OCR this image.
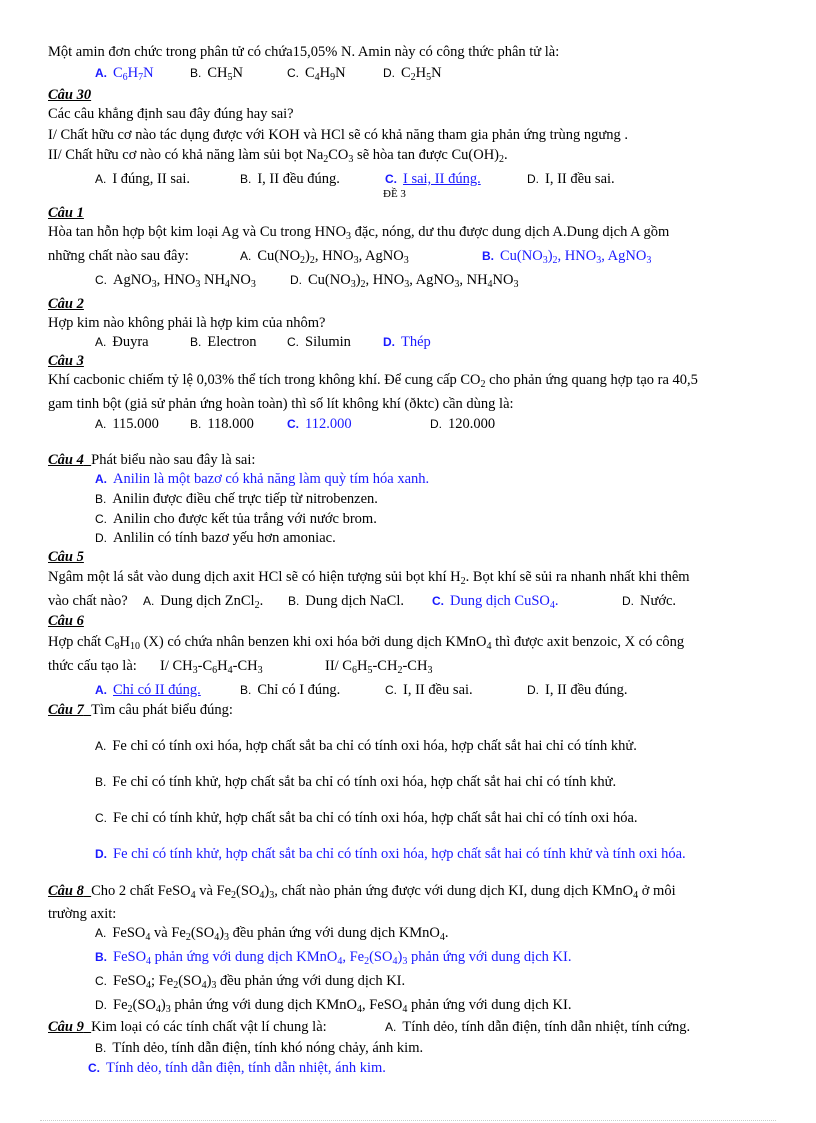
Một amin đơn chức trong phân tử có chứa15,05% N. Amin này có công thức phân tử là:
A. $C_6H_7N$	B. $CH_5N$	C. $C_4H_9N$	D. $C_2H_5N$
Câu 30
Các câu khẳng định sau đây đúng hay sai?
I/ Chất hữu cơ nào tác dụng được với KOH và HCl sẽ có khả năng tham gia phản ứng trùng ngưng .
II/ Chất hữu cơ nào có khả năng làm sủi bọt $Na_2CO_3$ sẽ hòa tan được $Cu(OH)_2$.
A. I đúng, II sai.	B. I, II đều đúng.	C. I sai, II đúng.	D. I, II đều sai.
ĐỀ 3
Câu 1
Hòa tan hỗn hợp bột kim loại Ag và Cu trong $HNO_3$ đặc, nóng, dư thu được dung dịch A.Dung dịch A gồm
những chất nào sau đây:	A. $Cu(NO_2)_2$, $HNO_3$, AgNO$_3$	B. $Cu(NO_3)_2$, $HNO_3$, AgNO$_3$
C. AgNO$_3$, $HNO_3$ $NH_4NO_3$	D. $Cu(NO_3)_2$, $HNO_3$, AgNO$_3$, $NH_4NO_3$
Câu 2
Hợp kim nào không phải là hợp kim của nhôm?
A. Đuyra	B. Electron	C. Silumin	D. Thép
Câu 3
Khí cacbonic chiếm tỷ lệ 0,03% thể tích trong không khí. Để cung cấp $CO_2$ cho phản ứng quang hợp tạo ra 40,5
gam tinh bột (giả sử phản ứng hoàn toàn) thì số lít không khí (ðktc) cần dùng là:
A. 115.000	B. 118.000	C. 112.000	D. 120.000
Câu 4 Phát biểu nào sau đây là sai:
A. Anilin là một bazơ có khả năng làm quỳ tím hóa xanh.
B. Anilin được điều chế trực tiếp từ nitrobenzen.
C. Anilin cho được kết tủa trắng với nước brom.
D. Anlilin có tính bazơ yếu hơn amoniac.
Câu 5
Ngâm một lá sắt vào dung dịch axit HCl sẽ có hiện tượng sủi bọt khí $H_2$. Bọt khí sẽ sủi ra nhanh nhất khi thêm
vào chất nào?	A. Dung dịch ZnCl$_2$. B. Dung dịch NaCl. C. Dung dịch CuSO$_4$.	D. Nước.
Câu 6
Hợp chất $C_8H_{10}$ (X) có chứa nhân benzen khi oxi hóa bởi dung dịch KMnO$_4$ thì được axit benzoic, X có công
thức cấu tạo là:	I/ $CH_3-C_6H_4-CH_3$	II/ $C_6H_5-CH_2-CH_3$
A. Chỉ có II đúng.	B. Chỉ có I đúng.	C. I, II đều sai.	D. I, II đều đúng.
Câu 7 Tìm câu phát biểu đúng:
A. Fe chỉ có tính oxi hóa, hợp chất sắt ba chỉ có tính oxi hóa, hợp chất sắt hai chỉ có tính khử.
B. Fe chỉ có tính khử, hợp chất sắt ba chỉ có tính oxi hóa, hợp chất sắt hai chỉ có tính khử.
C. Fe chỉ có tính khử, hợp chất sắt ba chỉ có tính oxi hóa, hợp chất sắt hai chỉ có tính oxi hóa.
D. Fe chỉ có tính khử, hợp chất sắt ba chỉ có tính oxi hóa, hợp chất sắt hai có tính khử và tính oxi hóa.
Câu 8 Cho 2 chất FeSO$_4$ và $Fe_2(SO_4)_3$, chất nào phản ứng được với dung dịch KI, dung dịch KMnO$_4$ ở môi
trường axit:
A. FeSO$_4$ và $Fe_2(SO_4)_3$ đều phản ứng với dung dịch KMnO$_4$.
B. FeSO$_4$ phản ứng với dung dịch KMnO$_4$, $Fe_2(SO_4)_3$ phản ứng với dung dịch KI.
C. FeSO$_4$; $Fe_2(SO_4)_3$ đều phản ứng với dung dịch KI.
D. $Fe_2(SO_4)_3$ phản ứng với dung dịch KMnO$_4$, FeSO$_4$ phản ứng với dung dịch KI.
Câu 9 Kim loại có các tính chất vật lí chung là:	A. Tính dẻo, tính dẫn điện, tính dẫn nhiệt, tính cứng.
B. Tính dẻo, tính dẫn điện, tính khó nóng chảy, ánh kim.
C. Tính dẻo, tính dẫn điện, tính dẫn nhiệt, ánh kim.
